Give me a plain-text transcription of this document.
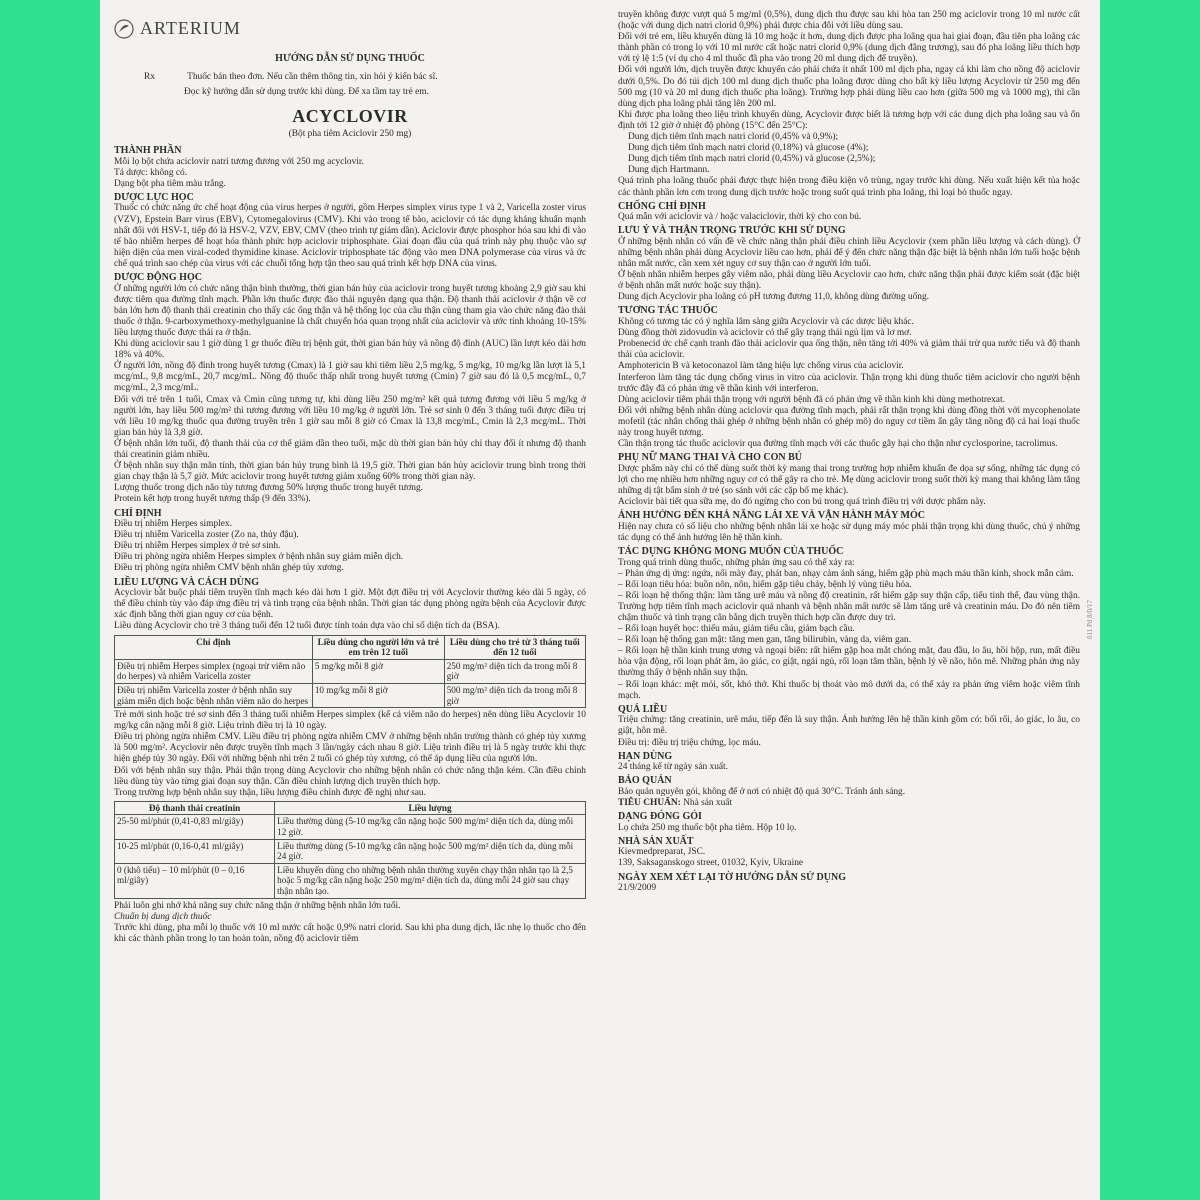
ARTERIUM

HƯỚNG DẪN SỬ DỤNG THUỐC

Rx	Thuốc bán theo đơn. Nếu cần thêm thông tin, xin hỏi ý kiến bác sĩ.
Đọc kỹ hướng dẫn sử dụng trước khi dùng. Để xa tầm tay trẻ em.

ACYCLOVIR

(Bột pha tiêm Aciclovir 250 mg)

THÀNH PHẦN

Mỗi lọ bột chứa aciclovir natri tương đương với 250 mg acyclovir.

Tá dược: không có.

Dạng bột pha tiêm màu trắng.

DƯỢC LỰC HỌC

Thuốc có chức năng ức chế hoạt động của virus herpes ở người, gồm Herpes simplex virus type 1 và 2, Varicella zoster virus (VZV), Epstein Barr virus (EBV), Cytomegalovirus (CMV). Khi vào trong tế bào, aciclovir có tác dụng kháng khuẩn mạnh nhất đối với HSV-1, tiếp đó là HSV-2, VZV, EBV, CMV (theo trình tự giảm dần). Aciclovir được phosphor hóa sau khi đi vào tế bào nhiễm herpes để hoạt hóa thành phức hợp aciclovir triphosphate. Giai đoạn đầu của quá trình này phụ thuộc vào sự hiện diện của men viral-coded thymidine kinase. Aciclovir triphosphate tác động vào men DNA polymerase của virus và ức chế quá trình sao chép của virus với các chuỗi tổng hợp tận theo sau quá trình kết hợp DNA của virus.

DƯỢC ĐỘNG HỌC

Ở những người lớn có chức năng thận bình thường, thời gian bán hủy của aciclovir trong huyết tương khoảng 2,9 giờ sau khi được tiêm qua đường tĩnh mạch. Phần lớn thuốc được đào thải nguyên dạng qua thận. Độ thanh thải aciclovir ở thận về cơ bản lớn hơn độ thanh thải creatinin cho thấy các ống thận và hệ thống lọc của cầu thận cùng tham gia vào chức năng đào thải thuốc ở thận. 9-carboxymethoxy-methylguanine là chất chuyển hóa quan trọng nhất của aciclovir và ước tính khoảng 10-15% liều lượng thuốc được thải ra ở thận.

Khi dùng aciclovir sau 1 giờ dùng 1 gr thuốc điều trị bệnh gút, thời gian bán hủy và nồng độ đỉnh (AUC) lần lượt kéo dài hơn 18% và 40%.

Ở người lớn, nồng độ đỉnh trong huyết tương (Cmax) là 1 giờ sau khi tiêm liều 2,5 mg/kg, 5 mg/kg, 10 mg/kg lần lượt là 5,1 mcg/mL, 9,8 mcg/mL, 20,7 mcg/mL. Nồng độ thuốc thấp nhất trong huyết tương (Cmin) 7 giờ sau đó là 0,5 mcg/mL, 0,7 mcg/mL, 2,3 mcg/mL.

Đối với trẻ trên 1 tuổi, Cmax và Cmin cũng tương tự, khi dùng liều 250 mg/m² kết quả tương đương với liều 5 mg/kg ở người lớn, hay liều 500 mg/m² thì tương đương với liều 10 mg/kg ở người lớn. Trẻ sơ sinh 0 đến 3 tháng tuổi được điều trị với liều 10 mg/kg thuốc qua đường truyền trên 1 giờ sau mỗi 8 giờ có Cmax là 13,8 mcg/mL, Cmin là 2,3 mcg/mL. Thời gian bán hủy là 3,8 giờ.

Ở bệnh nhân lớn tuổi, độ thanh thải của cơ thể giảm dần theo tuổi, mặc dù thời gian bán hủy chỉ thay đổi ít nhưng độ thanh thải creatinin giảm nhiều.

Ở bệnh nhân suy thận mãn tính, thời gian bán hủy trung bình là 19,5 giờ. Thời gian bán hủy aciclovir trung bình trong thời gian chạy thận là 5,7 giờ. Mức aciclovir trong huyết tương giảm xuống 60% trong thời gian này.

Lượng thuốc trong dịch não tủy tương đương 50% lượng thuốc trong huyết tương.

Protein kết hợp trong huyết tương thấp (9 đến 33%).

CHỈ ĐỊNH

Điều trị nhiễm Herpes simplex.

Điều trị nhiễm Varicella zoster (Zo na, thủy đậu).

Điều trị nhiễm Herpes simplex ở trẻ sơ sinh.

Điều trị phòng ngừa nhiễm Herpes simplex ở bệnh nhân suy giảm miễn dịch.

Điều trị phòng ngừa nhiễm CMV bệnh nhân ghép tủy xương.

LIỀU LƯỢNG VÀ CÁCH DÙNG

Acyclovir bắt buộc phải tiêm truyền tĩnh mạch kéo dài hơn 1 giờ. Một đợt điều trị với Acyclovir thường kéo dài 5 ngày, có thể điều chỉnh tùy vào đáp ứng điều trị và tình trạng của bệnh nhân. Thời gian tác dụng phòng ngừa bệnh của Acyclovir được xác định bằng thời gian nguy cơ của bệnh.

Liều dùng Acyclovir cho trẻ 3 tháng tuổi đến 12 tuổi được tính toán dựa vào chỉ số diện tích da (BSA).

Chỉ định	Liều dùng cho người lớn và trẻ em trên 12 tuổi	Liều dùng cho trẻ từ 3 tháng tuổi đến 12 tuổi
Điều trị nhiễm Herpes simplex (ngoại trừ viêm não do herpes) và nhiễm Varicella zoster	5 mg/kg mỗi 8 giờ	250 mg/m² diện tích da trong mỗi 8 giờ
Điều trị nhiễm Varicella zoster ở bệnh nhân suy giảm miễn dịch hoặc bệnh nhân viêm não do herpes	10 mg/kg mỗi 8 giờ	500 mg/m² diện tích da trong mỗi 8 giờ

Trẻ mới sinh hoặc trẻ sơ sinh đến 3 tháng tuổi nhiễm Herpes simplex (kể cả viêm não do herpes) nên dùng liều Acyclovir 10 mg/kg cân nặng mỗi 8 giờ. Liệu trình điều trị là 10 ngày.

Điều trị phòng ngừa nhiễm CMV. Liều điều trị phòng ngừa nhiễm CMV ở những bệnh nhân trường thành có ghép tủy xương là 500 mg/m². Acyclovir nên được truyền tĩnh mạch 3 lần/ngày cách nhau 8 giờ. Liệu trình điều trị là 5 ngày trước khi thực hiện ghép tủy 30 ngày. Đối với những bệnh nhi trên 2 tuổi có ghép tủy xương, có thể áp dụng liều của người lớn.

Đối với bệnh nhân suy thận. Phải thận trọng dùng Acyclovir cho những bệnh nhân có chức năng thận kém. Cần điều chỉnh liều dùng tùy vào từng giai đoạn suy thận. Cần điều chỉnh lượng dịch truyền thích hợp.

Trong trường hợp bệnh nhân suy thận, liều lượng điều chỉnh được đề nghị như sau.

Độ thanh thải creatinin	Liều lượng
25-50 ml/phút (0,41-0,83 ml/giây)	Liều thường dùng (5-10 mg/kg cân nặng hoặc 500 mg/m² diện tích da, dùng mỗi 12 giờ.
10-25 ml/phút (0,16-0,41 ml/giây)	Liều thường dùng (5-10 mg/kg cân nặng hoặc 500 mg/m² diện tích da, dùng mỗi 24 giờ.
0 (khô tiểu) – 10 ml/phút (0 – 0,16 ml/giây)	Liều khuyến dùng cho những bệnh nhân thường xuyên chạy thận nhân tạo là 2,5 hoặc 5 mg/kg cân nặng hoặc 250 mg/m² diện tích da, dùng mỗi 24 giờ sau chạy thận nhân tạo.

Phải luôn ghi nhớ khả năng suy chức năng thận ở những bệnh nhân lớn tuổi.

Chuẩn bị dung dịch thuốc

Trước khi dùng, pha mỗi lọ thuốc với 10 ml nước cất hoặc 0,9% natri clorid. Sau khi pha dung dịch, lắc nhẹ lọ thuốc cho đến khi các thành phần trong lọ tan hoàn toàn, nồng độ aciclovir tiêm

truyền không được vượt quá 5 mg/ml (0,5%), dung dịch thu được sau khi hòa tan 250 mg aciclovir trong 10 ml nước cất (hoặc với dung dịch natri clorid 0,9%) phải được chia đôi với liều dùng sau.

Đối với trẻ em, liều khuyến dùng là 10 mg hoặc ít hơn, dung dịch được pha loãng qua hai giai đoạn, đầu tiên pha loãng các thành phần có trong lọ với 10 ml nước cất hoặc natri clorid 0,9% (dung dịch đẳng trương), sau đó pha loãng liều thích hợp với tỷ lệ 1:5 (ví dụ cho 4 ml thuốc đã pha vào trong 20 ml dung dịch để truyền).

Đối với người lớn, dịch truyền được khuyến cáo phải chứa ít nhất 100 ml dịch pha, ngay cả khi làm cho nồng độ aciclovir dưới 0,5%. Do đó túi dịch 100 ml dung dịch thuốc pha loãng được dùng cho bất kỳ liều lượng Acyclovir từ 250 mg đến 500 mg (10 và 20 ml dung dịch thuốc pha loãng). Trường hợp phải dùng liều cao hơn (giữa 500 mg và 1000 mg), thì cần dùng dịch pha loãng phải tăng lên 200 ml.

Khi được pha loãng theo liệu trình khuyến dùng, Acyclovir được biết là tương hợp với các dung dịch pha loãng sau và ổn định tới 12 giờ ở nhiệt độ phòng (15°C đến 25°C):

Dung dịch tiêm tĩnh mạch natri clorid (0,45% và 0,9%);

Dung dịch tiêm tĩnh mạch natri clorid (0,18%) và glucose (4%);

Dung dịch tiêm tĩnh mạch natri clorid (0,45%) và glucose (2,5%);

Dung dịch Hartmann.

Quá trình pha loãng thuốc phải được thực hiện trong điều kiện vô trùng, ngay trước khi dùng. Nếu xuất hiện kết tủa hoặc các thành phần lơn cơn trong dung dịch trước hoặc trong suốt quá trình pha loãng, thì loại bỏ thuốc ngay.

CHỐNG CHỈ ĐỊNH

Quá mẫn với aciclovir và / hoặc valaciclovir, thời kỳ cho con bú.

LƯU Ý VÀ THẬN TRỌNG TRƯỚC KHI SỬ DỤNG

Ở những bệnh nhân có vấn đề về chức năng thận phải điều chỉnh liều Acyclovir (xem phần liều lượng và cách dùng). Ở những bệnh nhân phải dùng Acyclovir liều cao hơn, phải để ý đến chức năng thận đặc biệt là bệnh nhân lớn tuổi hoặc bệnh nhân mất nước, cần xem xét nguy cơ suy thận cao ở người lớn tuổi.

Ở bệnh nhân nhiễm herpes gây viêm não, phải dùng liều Acyclovir cao hơn, chức năng thận phải được kiểm soát (đặc biệt ở bệnh nhân mất nước hoặc suy thận).

Dung dịch Acyclovir pha loãng có pH tương đương 11,0, không dùng đường uống.

TƯƠNG TÁC THUỐC

Không có tương tác có ý nghĩa lâm sàng giữa Acyclovir và các dược liệu khác.

Dùng đồng thời zidovudin và aciclovir có thể gây trạng thái ngủ lịm và lơ mơ.

Probenecid ức chế cạnh tranh đào thải aciclovir qua ống thận, nên tăng tới 40% và giảm thải trừ qua nước tiểu và độ thanh thải của aciclovir.

Amphotericin B và ketoconazol làm tăng hiệu lực chống virus của aciclovir.

Interferon làm tăng tác dụng chống virus in vitro của aciclovir. Thận trọng khi dùng thuốc tiêm aciclovir cho người bệnh trước đây đã có phản ứng về thần kinh với interferon.

Dùng aciclovir tiêm phải thận trọng với người bệnh đã có phản ứng về thần kinh khi dùng methotrexat.

Đối với những bệnh nhân dùng aciclovir qua đường tĩnh mạch, phải rất thận trọng khi dùng đồng thời với mycophenolate mofetil (tác nhân chống thải ghép ở những bệnh nhân có ghép mô) do nguy cơ tiềm ẩn gây tăng nồng độ cả hai loại thuốc này trong huyết tương.

Cần thận trọng tác thuốc aciclovir qua đường tĩnh mạch với các thuốc gây hại cho thận như cyclosporine, tacrolimus.

PHỤ NỮ MANG THAI VÀ CHO CON BÚ

Dược phẩm này chỉ có thể dùng suốt thời kỳ mang thai trong trường hợp nhiễm khuẩn đe dọa sự sống, những tác dụng có lợi cho mẹ nhiều hơn những nguy cơ có thể gây ra cho trẻ. Mẹ dùng aciclovir trong suốt thời kỳ mang thai không làm tăng những dị tật bẩm sinh ở trẻ (so sánh với các cặp bố mẹ khác).

Aciclovir bài tiết qua sữa mẹ, do đó ngừng cho con bú trong quá trình điều trị với dược phẩm này.

ẢNH HƯỞNG ĐẾN KHẢ NĂNG LÁI XE VÀ VẬN HÀNH MÁY MÓC

Hiện nay chưa có số liệu cho những bệnh nhân lái xe hoặc sử dụng máy móc phải thận trọng khi dùng thuốc, chú ý những tác dụng có thể ảnh hưởng lên hệ thần kinh.

TÁC DỤNG KHÔNG MONG MUỐN CỦA THUỐC

Trong quá trình dùng thuốc, những phản ứng sau có thể xảy ra:

– Phản ứng dị ứng: ngứa, nổi mày đay, phát ban, nhạy cảm ánh sáng, hiếm gặp phù mạch máu thần kinh, shock mẫn cảm.

– Rối loạn tiêu hóa: buồn nôn, nôn, hiếm gặp tiêu chảy, bệnh lý vùng tiêu hóa.

– Rối loạn hệ thống thận: làm tăng urê máu và nồng độ creatinin, rất hiếm gặp suy thận cấp, tiểu tinh thể, đau vùng thận. Trường hợp tiêm tĩnh mạch aciclovir quá nhanh và bệnh nhân mất nước sẽ làm tăng urê và creatinin máu. Do đó nên tiêm chậm thuốc và tình trạng cân bằng dịch truyền thích hợp cần được duy trì.

– Rối loạn huyết học: thiếu máu, giảm tiểu cầu, giảm bạch cầu.

– Rối loạn hệ thống gan mật: tăng men gan, tăng bilirubin, vàng da, viêm gan.

– Rối loạn hệ thần kinh trung ương và ngoại biên: rất hiếm gặp hoa mắt chóng mặt, đau đầu, lo âu, hồi hộp, run, mất điều hòa vận động, rối loạn phát âm, ảo giác, co giật, ngái ngủ, rối loạn tâm thần, bệnh lý về não, hôn mê. Những phản ứng này thường thấy ở bệnh nhân suy thận.

– Rối loạn khác: mệt mỏi, sốt, khó thở. Khi thuốc bị thoát vào mô dưới da, có thể xảy ra phản ứng viêm hoặc viêm tĩnh mạch.

QUÁ LIỀU

Triệu chứng: tăng creatinin, urê máu, tiếp đến là suy thận. Ảnh hưởng lên hệ thần kinh gồm có: bối rối, ảo giác, lo âu, co giật, hôn mê.

Điều trị: điều trị triệu chứng, lọc máu.

HẠN DÙNG

24 tháng kể từ ngày sản xuất.

BẢO QUẢN

Bảo quản nguyên gói, không để ở nơi có nhiệt độ quá 30°C. Tránh ánh sáng.

TIÊU CHUẨN: Nhà sản xuất

DẠNG ĐÓNG GÓI

Lọ chứa 250 mg thuốc bột pha tiêm. Hộp 10 lọ.

NHÀ SẢN XUẤT

Kievmedpreparat, JSC.

139, Saksaganskogo street, 01032, Kyiv, Ukraine

NGÀY XEM XÉT LẠI TỜ HƯỚNG DẪN SỬ DỤNG

21/9/2009

011 Pd 8/0/17
